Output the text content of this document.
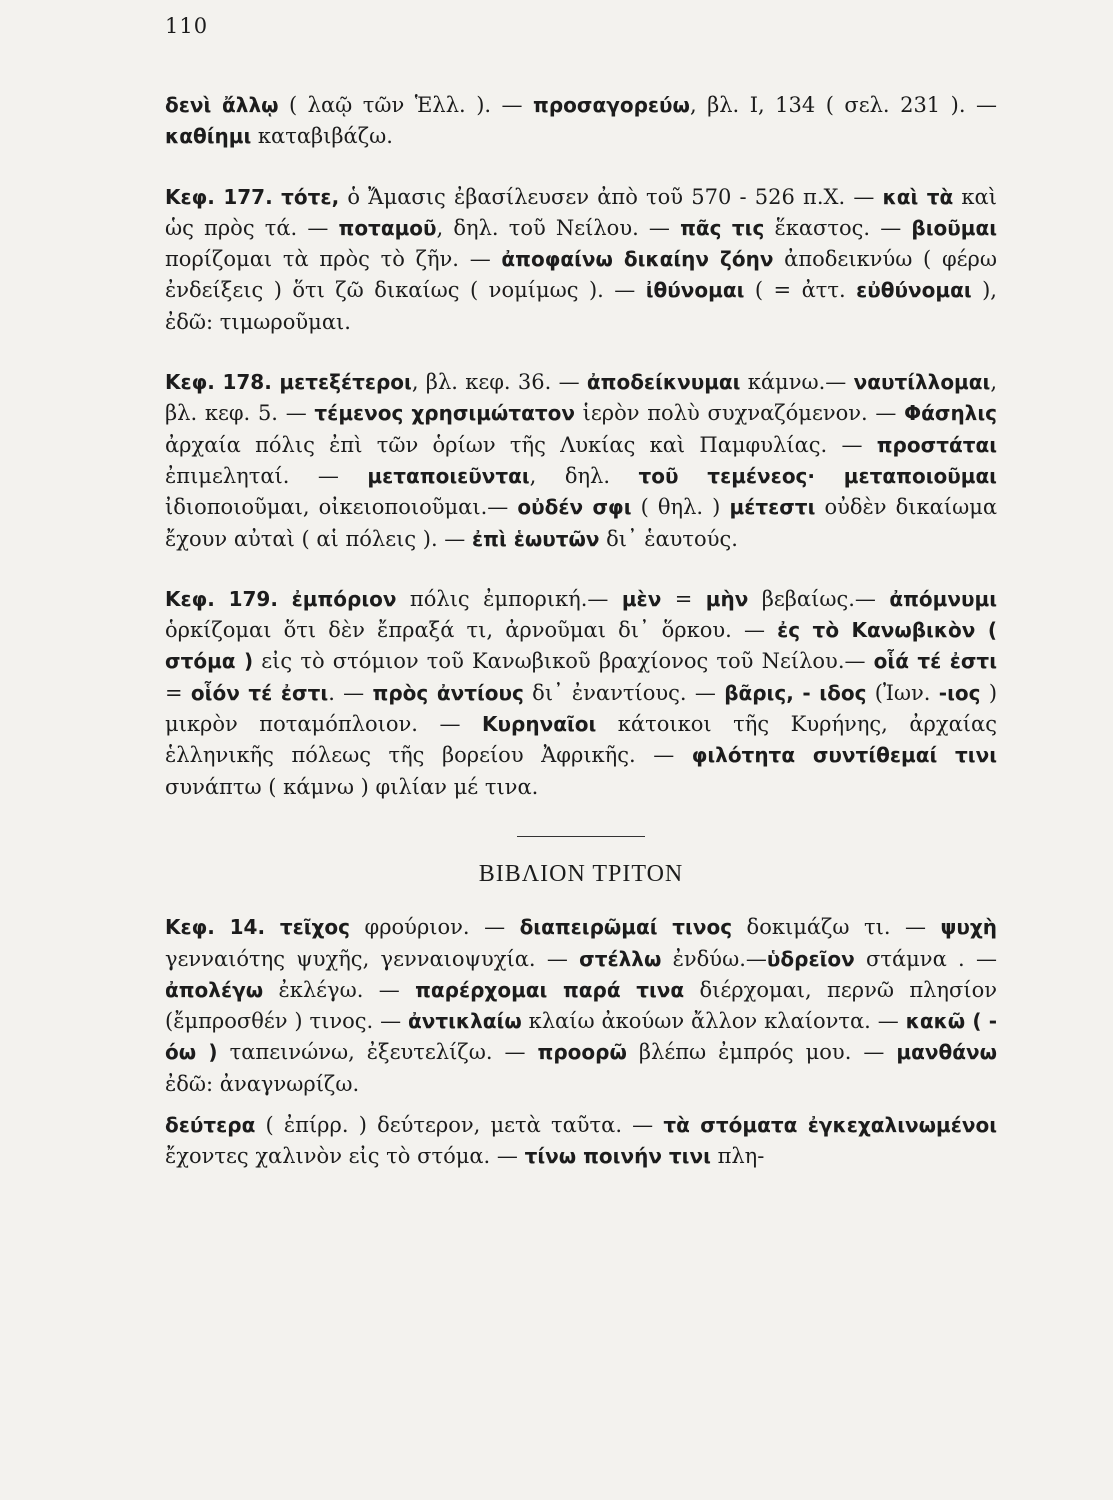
110

δενὶ ἄλλῳ ( λαῷ τῶν Ἑλλ. ). — προσαγορεύω, βλ. Ι, 134 ( σελ. 231 ). — καθίημι καταβιβάζω.

Κεφ. 177. τότε, ὁ Ἄμασις ἐβασίλευσεν ἀπὸ τοῦ 570 - 526 π.Χ. — καὶ τὰ καὶ ὡς πρὸς τά. — ποταμοῦ, δηλ. τοῦ Νείλου. — πᾶς τις ἕκαστος. — βιοῦμαι πορίζομαι τὰ πρὸς τὸ ζῆν. — ἀποφαίνω δικαίην ζόην ἀποδεικνύω ( φέρω ἐνδείξεις ) ὅτι ζῶ δικαίως ( νομίμως ). — ἰθύνομαι ( = ἀττ. εὐθύνομαι ), ἐδῶ: τιμωροῦμαι.

Κεφ. 178. μετεξέτεροι, βλ. κεφ. 36. — ἀποδείκνυμαι κάμνω.— ναυτίλλομαι, βλ. κεφ. 5. — τέμενος χρησιμώτατον ἱερὸν πολὺ συχναζόμενον. — Φάσηλις ἀρχαία πόλις ἐπὶ τῶν ὁρίων τῆς Λυκίας καὶ Παμφυλίας. — προστάται ἐπιμεληταί. — μεταποιεῦνται, δηλ. τοῦ τεμένεος· μεταποιοῦμαι ἰδιοποιοῦμαι, οἰκειοποιοῦμαι.— οὐδέν σφι ( θηλ. ) μέτεστι οὐδὲν δικαίωμα ἔχουν αὐταὶ ( αἱ πόλεις ). — ἐπὶ ἑωυτῶν δι᾽ ἑαυτούς.

Κεφ. 179. ἐμπόριον πόλις ἐμπορική.— μὲν = μὴν βεβαίως.— ἀπόμνυμι ὁρκίζομαι ὅτι δὲν ἔπραξά τι, ἀρνοῦμαι δι᾽ ὅρκου. — ἐς τὸ Κανωβικὸν ( στόμα ) εἰς τὸ στόμιον τοῦ Κανωβικοῦ βραχίονος τοῦ Νείλου.— οἷά τέ ἐστι = οἷόν τέ ἐστι. — πρὸς ἀντίους δι᾽ ἐναντίους. — βᾶρις, - ιδος (Ἰων. -ιος ) μικρὸν ποταμόπλοιον. — Κυρηναῖοι κάτοικοι τῆς Κυρήνης, ἀρχαίας ἑλληνικῆς πόλεως τῆς βορείου Ἀφρικῆς. — φιλότητα συντίθεμαί τινι συνάπτω ( κάμνω ) φιλίαν μέ τινα.

ΒΙΒΛΙΟΝ ΤΡΙΤΟΝ

Κεφ. 14. τεῖχος φρούριον. — διαπειρῶμαί τινος δοκιμάζω τι. — ψυχὴ γενναιότης ψυχῆς, γενναιοψυχία. — στέλλω ἐνδύω.—ὑδρεῖον στάμνα . — ἀπολέγω ἐκλέγω. — παρέρχομαι παρά τινα διέρχομαι, περνῶ πλησίον (ἔμπροσθέν ) τινος. — ἀντικλαίω κλαίω ἀκούων ἄλλον κλαίοντα. — κακῶ ( - όω ) ταπεινώνω, ἐξευτελίζω. — προορῶ βλέπω ἐμπρός μου. — μανθάνω ἐδῶ: ἀναγνωρίζω.

δεύτερα ( ἐπίρρ. ) δεύτερον, μετὰ ταῦτα. — τὰ στόματα ἐγκεχαλινωμένοι ἔχοντες χαλινὸν εἰς τὸ στόμα. — τίνω ποινήν τινι πλη-
